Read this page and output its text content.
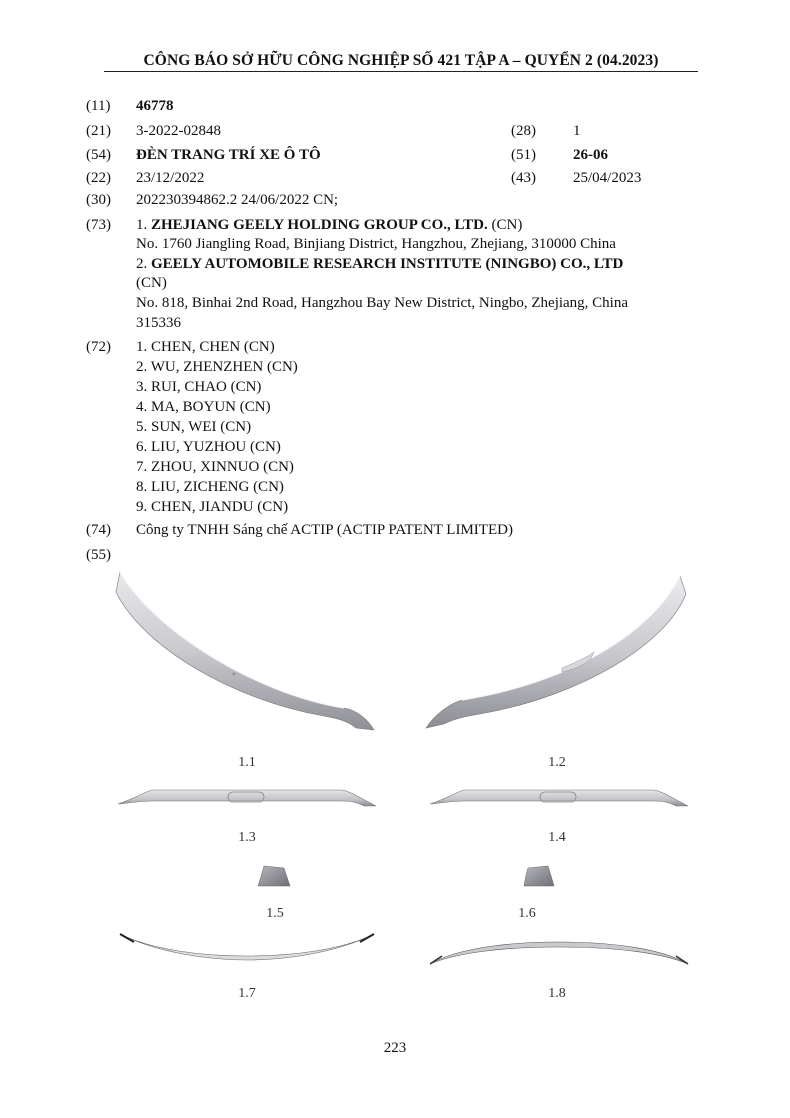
CÔNG BÁO SỞ HỮU CÔNG NGHIỆP SỐ 421 TẬP A – QUYỂN 2 (04.2023)
(11) 46778
(21) 3-2022-02848	(28) 1
(54) ĐÈN TRANG TRÍ XE Ô TÔ	(51) 26-06
(22) 23/12/2022	(43) 25/04/2023
(30) 202230394862.2 24/06/2022 CN;
(73) 1. ZHEJIANG GEELY HOLDING GROUP CO., LTD. (CN)
No. 1760 Jiangling Road, Binjiang District, Hangzhou, Zhejiang, 310000 China
2. GEELY AUTOMOBILE RESEARCH INSTITUTE (NINGBO) CO., LTD
(CN)
No. 818, Binhai 2nd Road, Hangzhou Bay New District, Ningbo, Zhejiang, China
315336
(72) 1. CHEN, CHEN (CN)
2. WU, ZHENZHEN (CN)
3. RUI, CHAO (CN)
4. MA, BOYUN (CN)
5. SUN, WEI (CN)
6. LIU, YUZHOU (CN)
7. ZHOU, XINNUO (CN)
8. LIU, ZICHENG (CN)
9. CHEN, JIANDU (CN)
(74) Công ty TNHH Sáng chế ACTIP (ACTIP PATENT LIMITED)
(55)
1.1	1.2
1.3	1.4
1.5	1.6
1.7	1.8
223
